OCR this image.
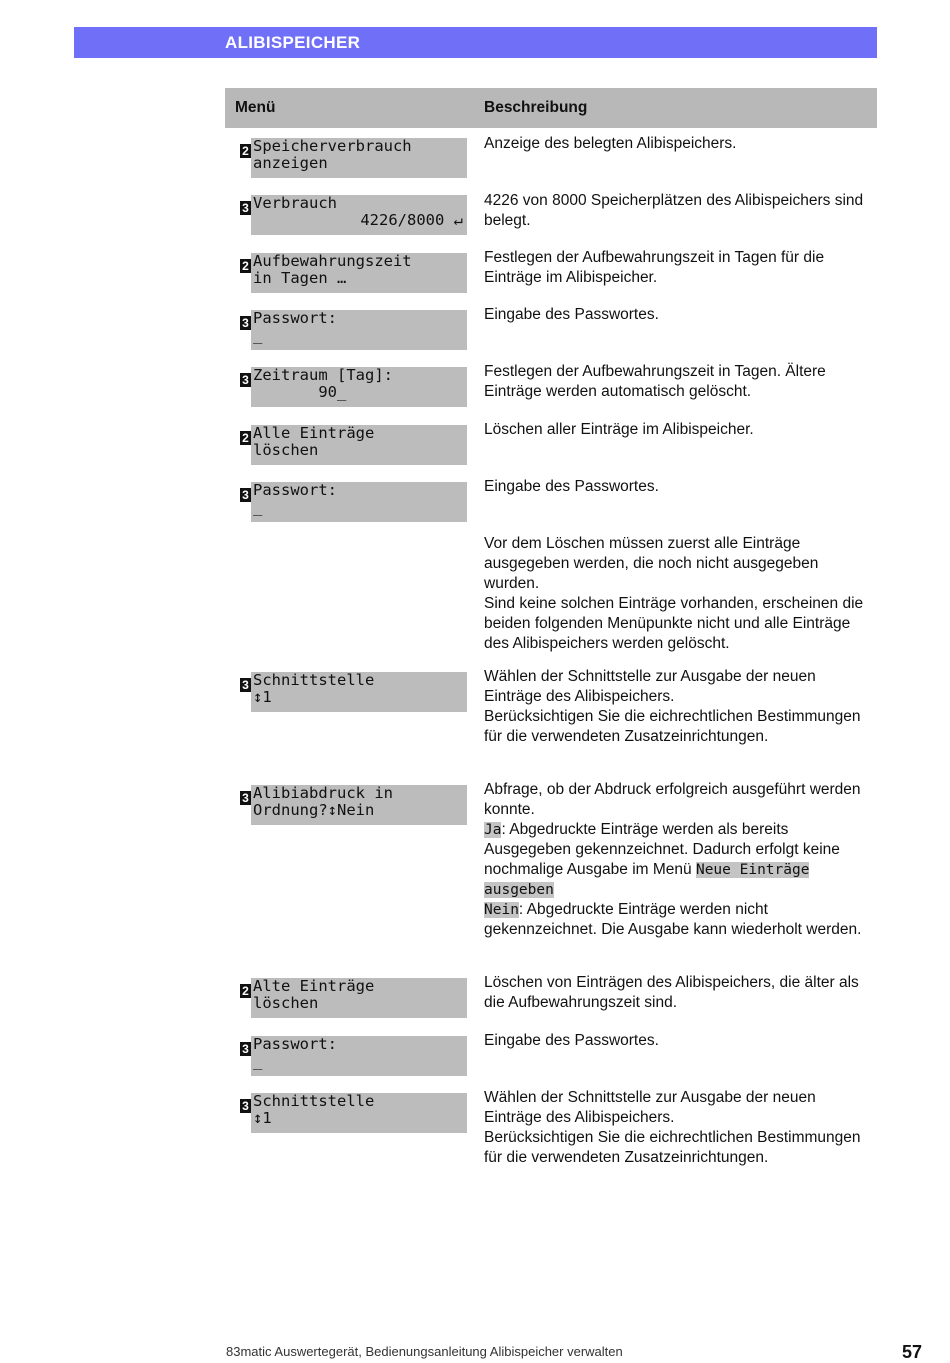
ALIBISPEICHER
Menü	Beschreibung
2 Speicherverbrauch
anzeigen

Anzeige des belegten Alibispeichers.

3 Verbrauch
4226/8000 ↵

4226 von 8000 Speicherplätzen des Alibispeichers sind belegt.

2 Aufbewahrungszeit
in Tagen …

Festlegen der Aufbewahrungszeit in Tagen für die Einträge im Alibispeicher.

3 Passwort:
_

Eingabe des Passwortes.

3 Zeitraum [Tag]:
90_

Festlegen der Aufbewahrungszeit in Tagen. Ältere Einträge werden automatisch gelöscht.

2 Alle Einträge
löschen

Löschen aller Einträge im Alibispeicher.

3 Passwort:
_

Eingabe des Passwortes.

Vor dem Löschen müssen zuerst alle Einträge ausgegeben werden, die noch nicht ausgegeben wurden.

Sind keine solchen Einträge vorhanden, erscheinen die beiden folgenden Menüpunkte nicht und alle Einträge des Alibispeichers werden gelöscht.

3 Schnittstelle
↕1

Wählen der Schnittstelle zur Ausgabe der neuen Einträge des Alibispeichers.

Berücksichtigen Sie die eichrechtlichen Bestimmungen für die verwendeten Zusatzeinrichtungen.

3 Alibiabdruck in
Ordnung?↕Nein

Abfrage, ob der Abdruck erfolgreich ausgeführt werden konnte.

Ja: Abgedruckte Einträge werden als bereits Ausgegeben gekennzeichnet. Dadurch erfolgt keine nochmalige Ausgabe im Menü Neue Einträge ausgeben

Nein: Abgedruckte Einträge werden nicht gekennzeichnet. Die Ausgabe kann wiederholt werden.

2 Alte Einträge
löschen

Löschen von Einträgen des Alibispeichers, die älter als die Aufbewahrungszeit sind.

3 Passwort:
_

Eingabe des Passwortes.

3 Schnittstelle
↕1

Wählen der Schnittstelle zur Ausgabe der neuen Einträge des Alibispeichers.

Berücksichtigen Sie die eichrechtlichen Bestimmungen für die verwendeten Zusatzeinrichtungen.

83matic Auswertegerät, Bedienungsanleitung Alibispeicher verwalten	57
